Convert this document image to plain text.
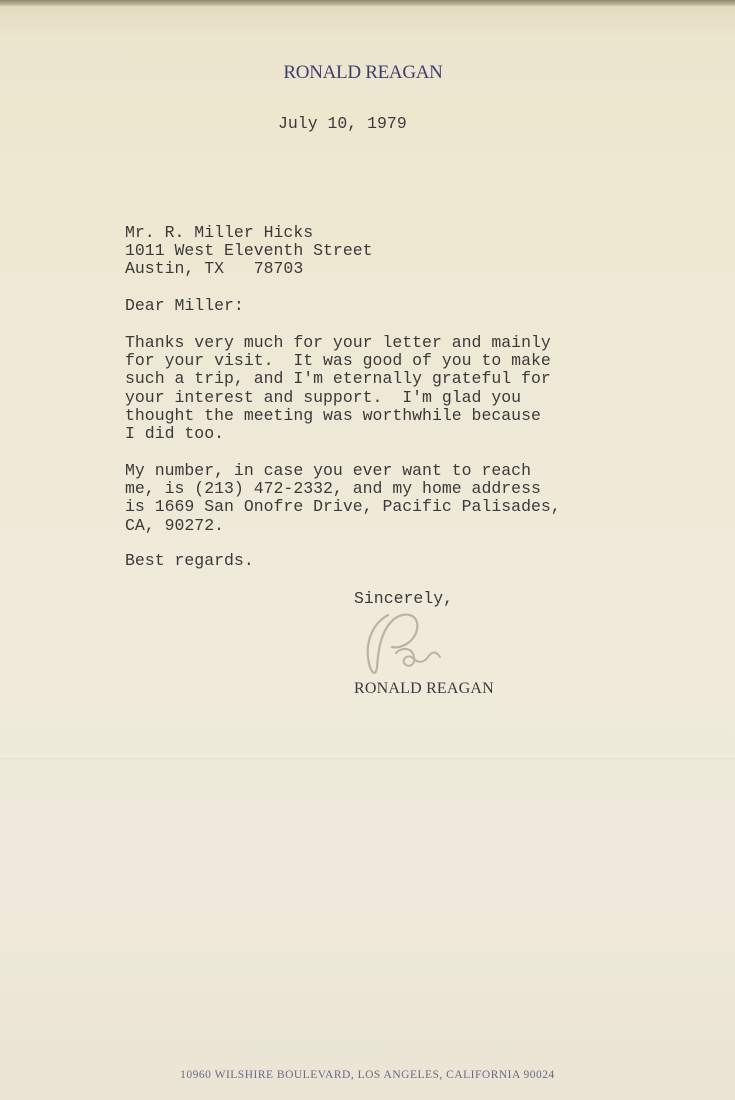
RONALD REAGAN
July 10, 1979
Mr. R. Miller Hicks
1011 West Eleventh Street
Austin, TX   78703
Dear Miller:
Thanks very much for your letter and mainly
for your visit.  It was good of you to make
such a trip, and I'm eternally grateful for
your interest and support.  I'm glad you
thought the meeting was worthwhile because
I did too.
My number, in case you ever want to reach
me, is (213) 472-2332, and my home address
is 1669 San Onofre Drive, Pacific Palisades,
CA, 90272.
Best regards.
Sincerely,
RONALD REAGAN
10960 WILSHIRE BOULEVARD, LOS ANGELES, CALIFORNIA 90024
